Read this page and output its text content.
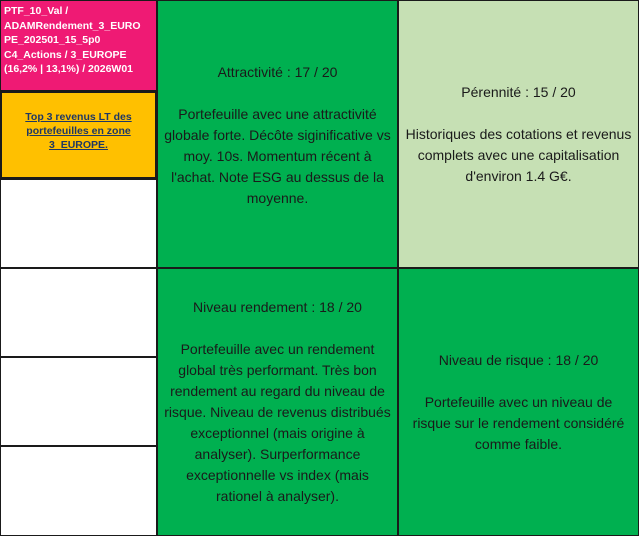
PTF_10_Val /
ADAMRendement_3_EURO
PE_202501_15_5p0
C4_Actions / 3_EUROPE
(16,2% | 13,1%) / 2026W01
Top 3 revenus LT des portefeuilles en zone 3_EUROPE.
Attractivité : 17 / 20
Portefeuille avec une attractivité globale forte. Décôte siginificative vs moy. 10s. Momentum récent à l'achat. Note ESG au dessus de la moyenne.
Pérennité : 15 / 20
Historiques des cotations et revenus complets avec une capitalisation d'environ 1.4 G€.
Niveau rendement : 18 / 20
Portefeuille avec un rendement global très performant. Très bon rendement au regard du niveau de risque. Niveau de revenus distribués exceptionnel (mais origine à analyser). Surperformance exceptionnelle vs index (mais rationel à analyser).
Niveau de risque : 18 / 20
Portefeuille avec un niveau de risque sur le rendement considéré comme faible.
